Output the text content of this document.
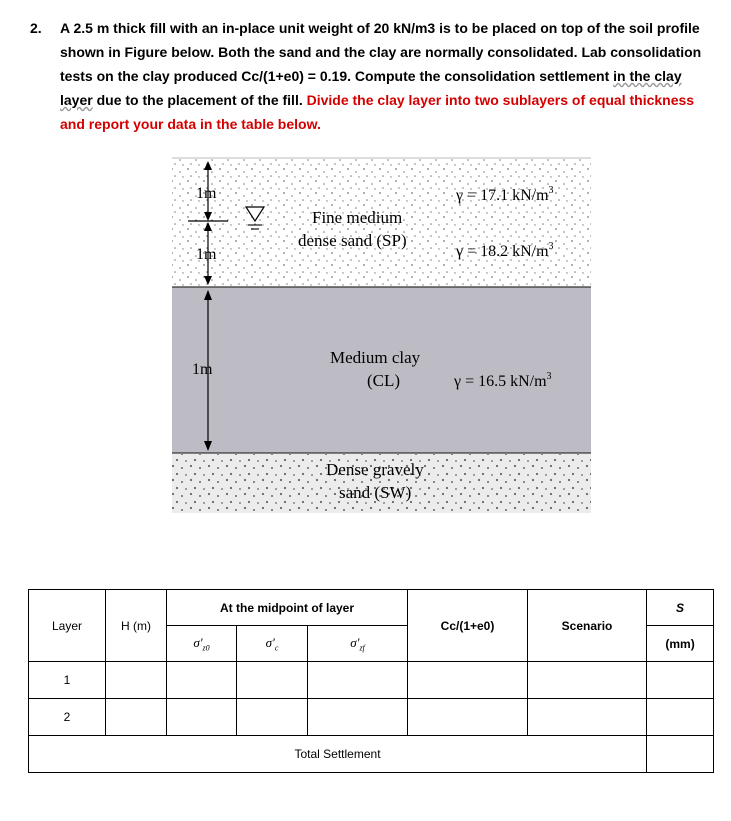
2. A 2.5 m thick fill with an in-place unit weight of 20 kN/m3 is to be placed on top of the soil profile shown in Figure below. Both the sand and the clay are normally consolidated. Lab consolidation tests on the clay produced Cc/(1+e0) = 0.19. Compute the consolidation settlement in the clay layer due to the placement of the fill. Divide the clay layer into two sublayers of equal thickness and report your data in the table below.
1m
1m
1m
Fine medium
dense sand (SP)
γ = 17.1 $kN/m^3$
γ = 18.2 $kN/m^3$
Medium clay
(CL)	γ = 16.5 $kN/m^3$
Dense gravely
sand (SW)
Layer	H (m)	At the midpoint of layer			Cc/(1+e0)	Scenario	S
		$\sigma'_{z0}$	$\sigma'_c$	$\sigma'_{zf}$			(mm)
1							
2							
Total Settlement							
